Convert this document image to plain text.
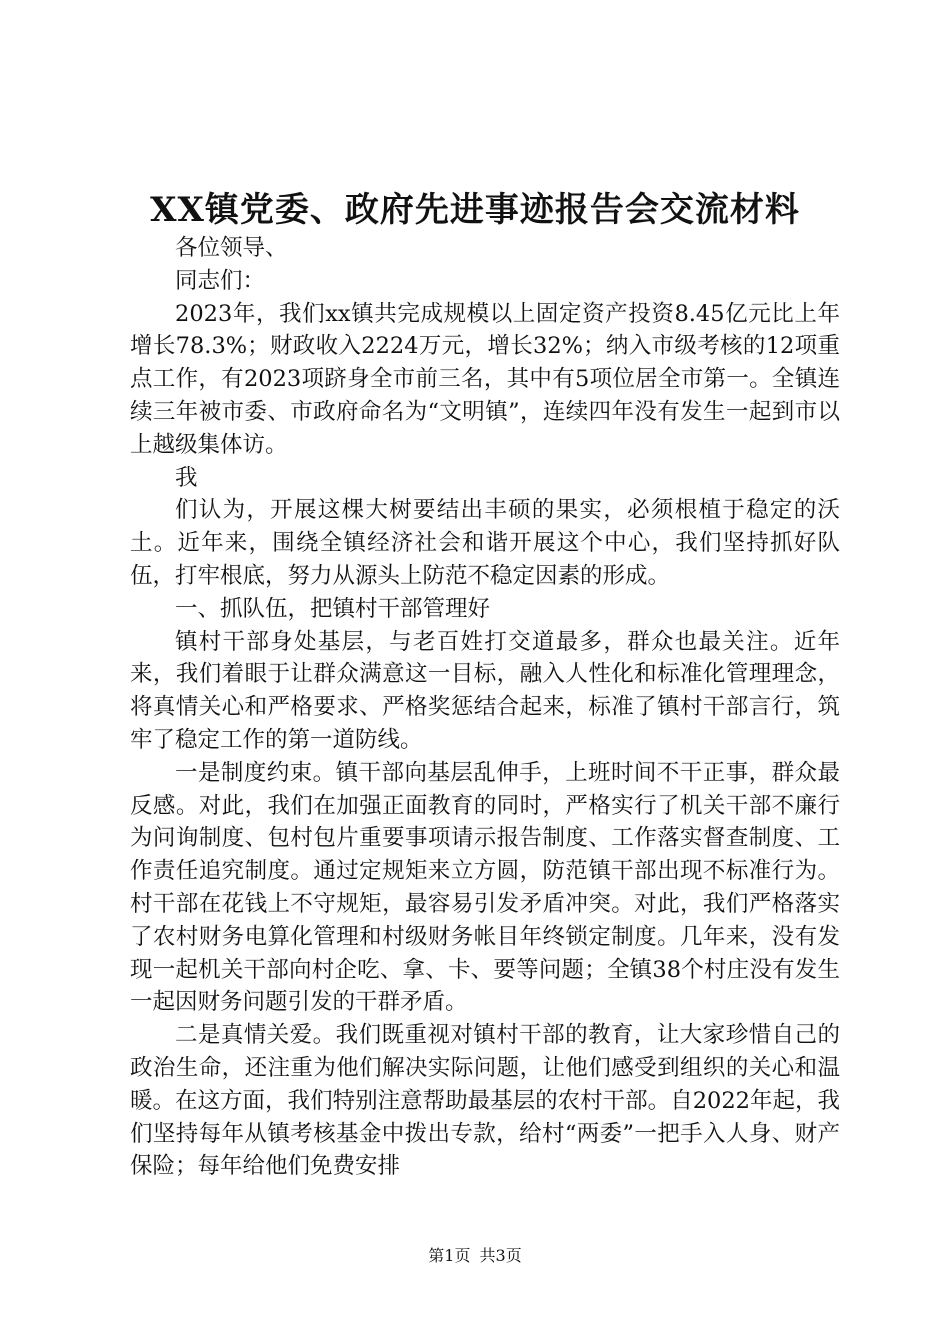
XX镇党委、政府先进事迹报告会交流材料

各位领导、

同志们：

2023年，我们xx镇共完成规模以上固定资产投资8.45亿元比上年增长78.3%；财政收入2224万元，增长32%；纳入市级考核的12项重点工作，有2023项跻身全市前三名，其中有5项位居全市第一。全镇连续三年被市委、市政府命名为“文明镇”，连续四年没有发生一起到市以上越级集体访。

我

们认为，开展这棵大树要结出丰硕的果实，必须根植于稳定的沃土。近年来，围绕全镇经济社会和谐开展这个中心，我们坚持抓好队伍，打牢根底，努力从源头上防范不稳定因素的形成。

一、抓队伍，把镇村干部管理好

镇村干部身处基层，与老百姓打交道最多，群众也最关注。近年来，我们着眼于让群众满意这一目标，融入人性化和标准化管理理念，将真情关心和严格要求、严格奖惩结合起来，标准了镇村干部言行，筑牢了稳定工作的第一道防线。

一是制度约束。镇干部向基层乱伸手，上班时间不干正事，群众最反感。对此，我们在加强正面教育的同时，严格实行了机关干部不廉行为问询制度、包村包片重要事项请示报告制度、工作落实督查制度、工作责任追究制度。通过定规矩来立方圆，防范镇干部出现不标准行为。村干部在花钱上不守规矩，最容易引发矛盾冲突。对此，我们严格落实了农村财务电算化管理和村级财务帐目年终锁定制度。几年来，没有发现一起机关干部向村企吃、拿、卡、要等问题；全镇38个村庄没有发生一起因财务问题引发的干群矛盾。

二是真情关爱。我们既重视对镇村干部的教育，让大家珍惜自己的政治生命，还注重为他们解决实际问题，让他们感受到组织的关心和温暖。在这方面，我们特别注意帮助最基层的农村干部。自2022年起，我们坚持每年从镇考核基金中拨出专款，给村“两委”一把手入人身、财产保险；每年给他们免费安排

第1页 共3页
